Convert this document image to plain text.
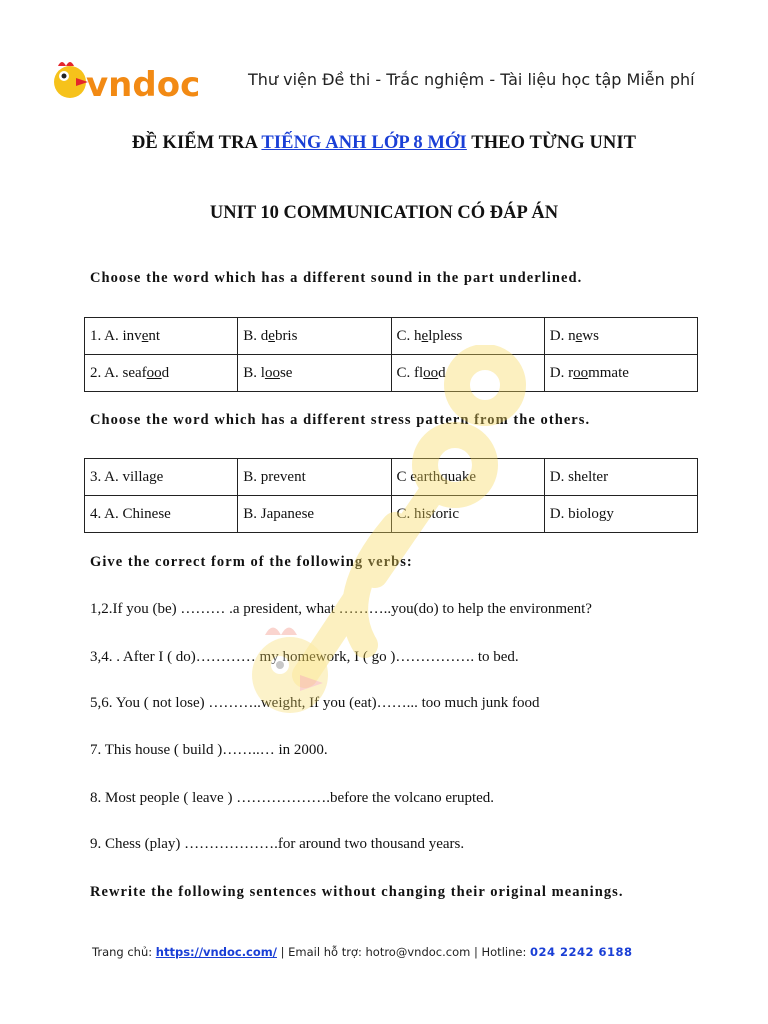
vndoc	Thư viện Đề thi - Trắc nghiệm - Tài liệu học tập Miễn phí
ĐỀ KIỂM TRA TIẾNG ANH LỚP 8 MỚI THEO TỪNG UNIT
UNIT 10 COMMUNICATION CÓ ĐÁP ÁN
Choose the word which has a different sound in the part underlined.
1. A. invent	B. debris	C. helpless	D. news
2. A. seafood	B. loose	C. flood	D. roommate
Choose the word which has a different stress pattern from the others.
3. A. village	B. prevent	C earthquake	D. shelter
4. A. Chinese	B. Japanese	C. historic	D. biology
Give the correct form of the following verbs:
1,2.If you (be) ……… .a president, what ………..you(do) to help the environment?
3,4. . After I ( do)………… my homework, I ( go )……………. to bed.
5,6. You ( not lose) ………..weight, If you (eat)……... too much junk food
7. This house ( build )……..… in 2000.
8. Most people ( leave ) ……………….before the volcano erupted.
9. Chess (play) ……………….for around two thousand years.
Rewrite the following sentences without changing their original meanings.
Trang chủ: https://vndoc.com/ | Email hỗ trợ: hotro@vndoc.com | Hotline: 024 2242 6188
